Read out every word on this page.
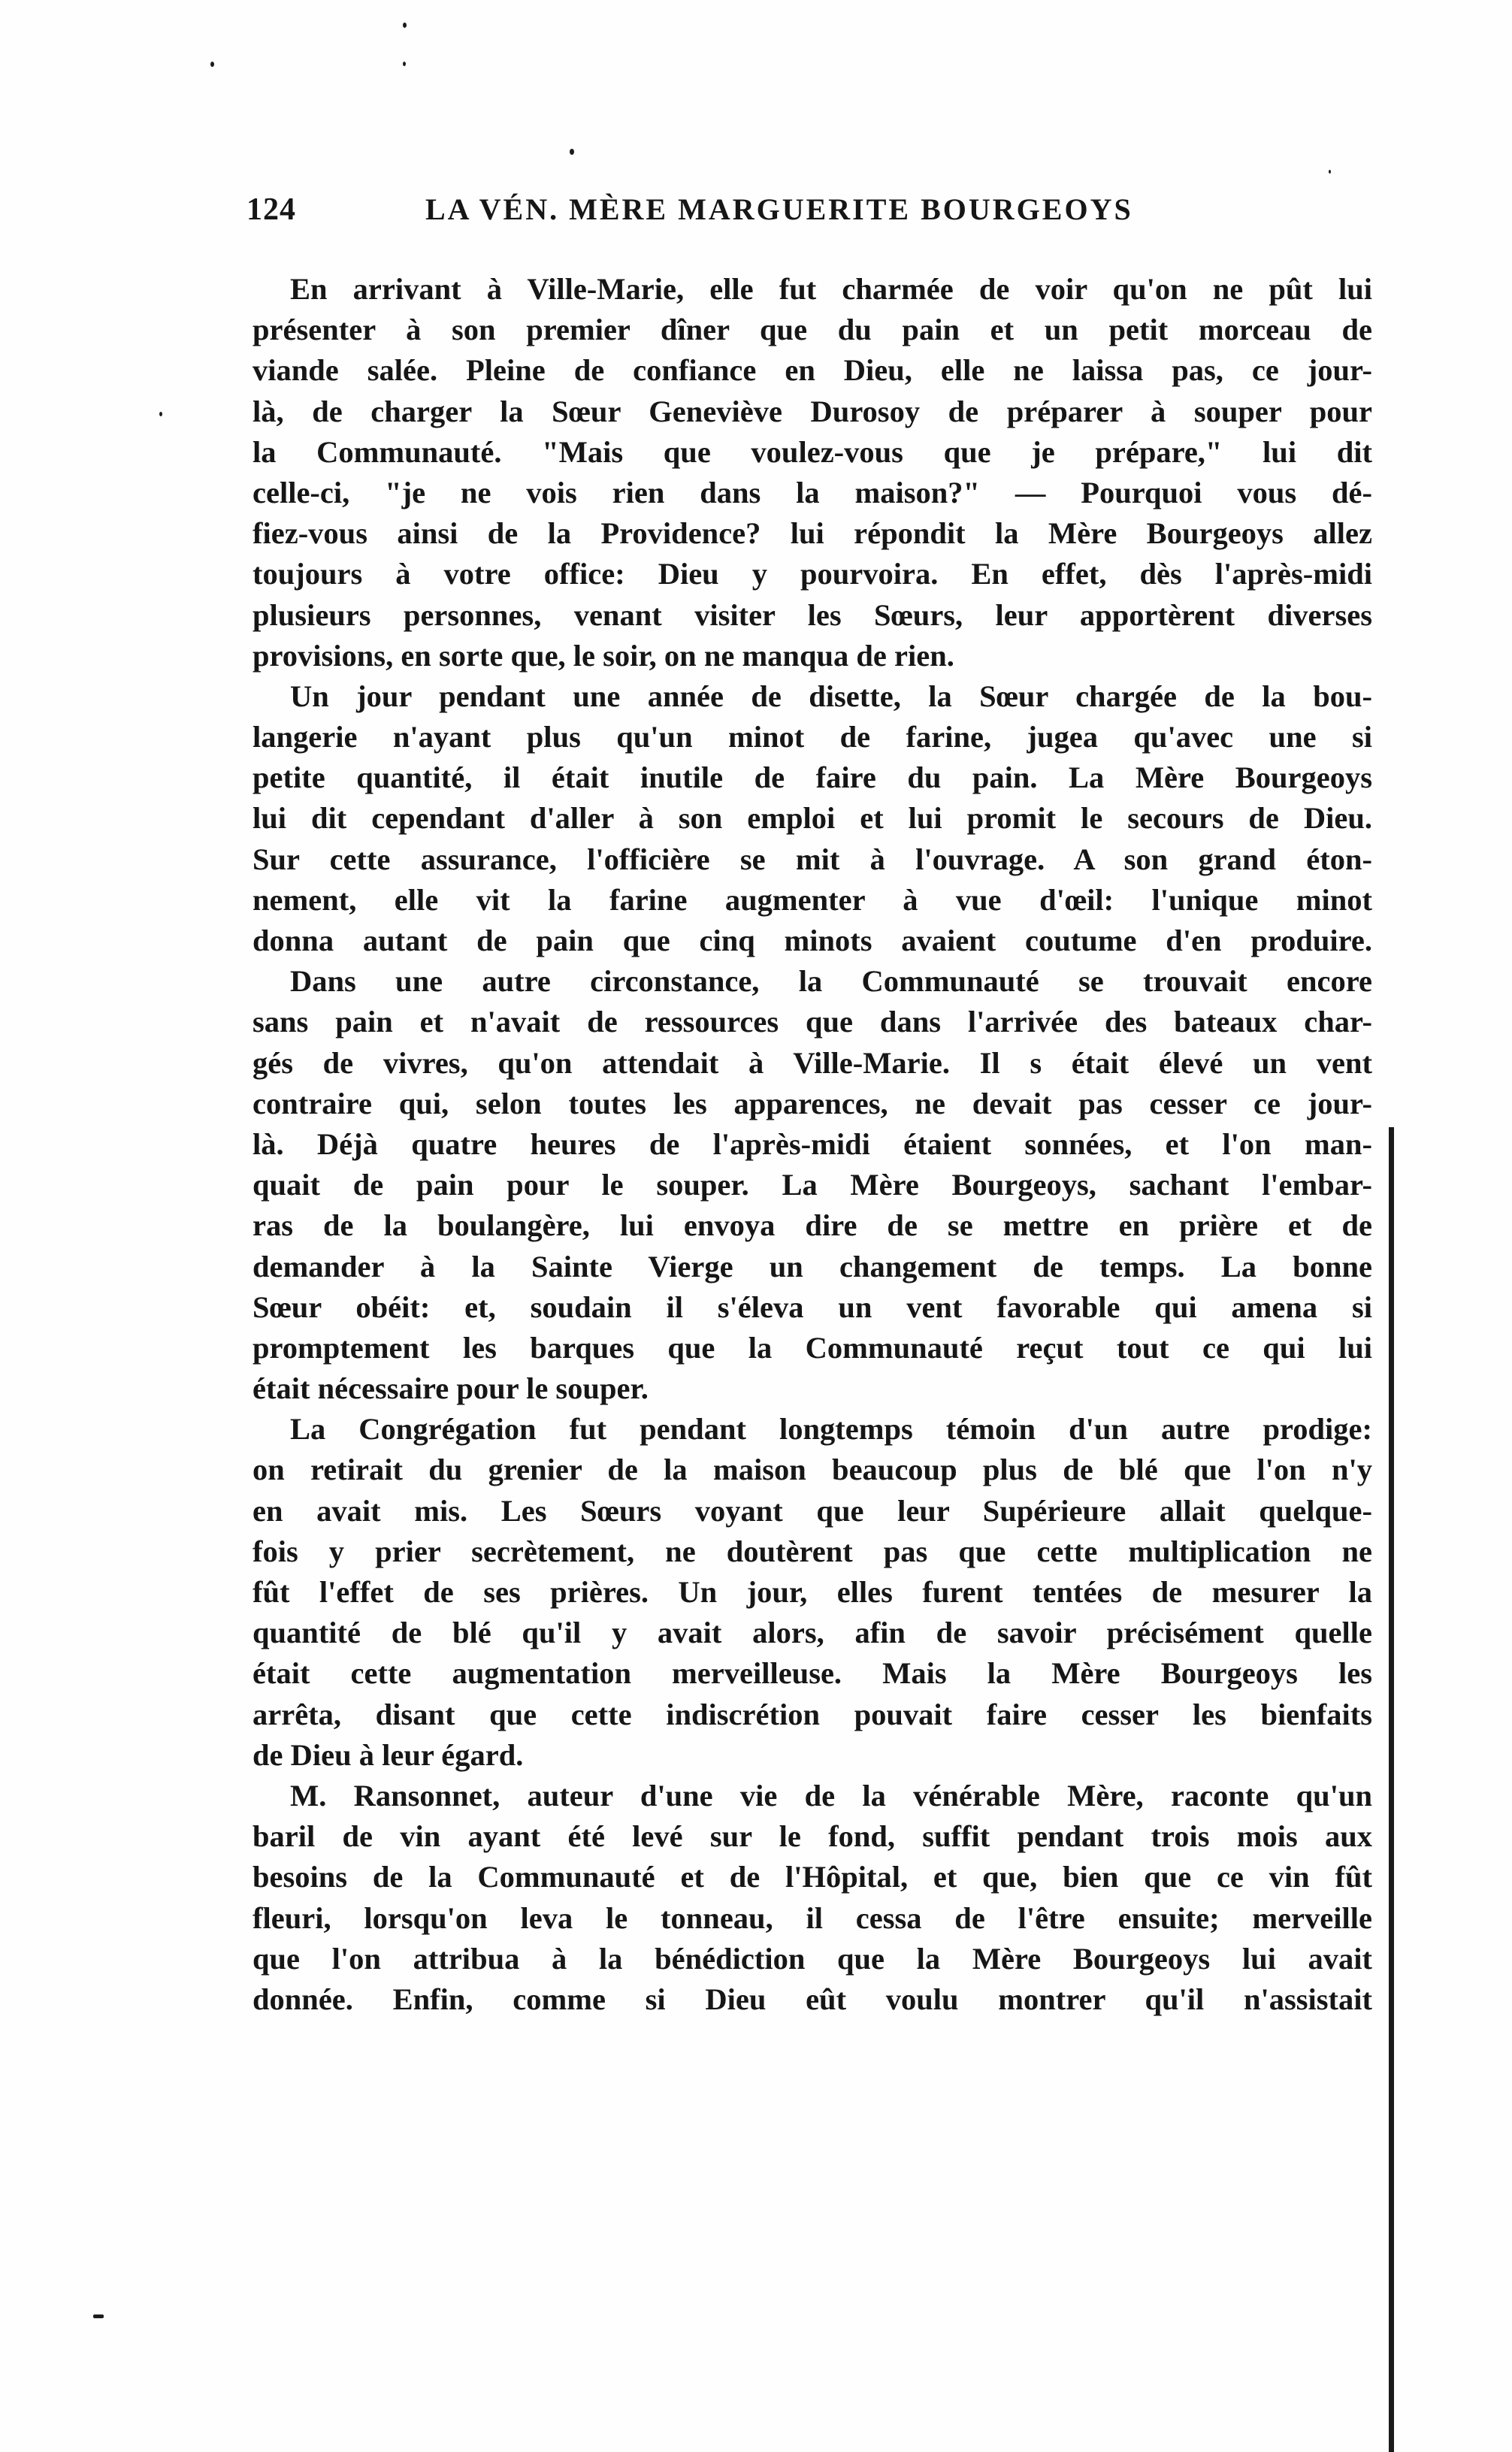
124	LA VÉN. MÈRE MARGUERITE BOURGEOYS
En arrivant à Ville-Marie, elle fut charmée de voir qu'on ne pût lui
présenter à son premier dîner que du pain et un petit morceau de
viande salée. Pleine de confiance en Dieu, elle ne laissa pas, ce jour-
là, de charger la Sœur Geneviève Durosoy de préparer à souper pour
la Communauté. "Mais que voulez-vous que je prépare," lui dit
celle-ci, "je ne vois rien dans la maison?" — Pourquoi vous dé-
fiez-vous ainsi de la Providence? lui répondit la Mère Bourgeoys allez
toujours à votre office: Dieu y pourvoira. En effet, dès l'après-midi
plusieurs personnes, venant visiter les Sœurs, leur apportèrent diverses
provisions, en sorte que, le soir, on ne manqua de rien.
Un jour pendant une année de disette, la Sœur chargée de la bou-
langerie n'ayant plus qu'un minot de farine, jugea qu'avec une si
petite quantité, il était inutile de faire du pain. La Mère Bourgeoys
lui dit cependant d'aller à son emploi et lui promit le secours de Dieu.
Sur cette assurance, l'officière se mit à l'ouvrage. A son grand éton-
nement, elle vit la farine augmenter à vue d'œil: l'unique minot
donna autant de pain que cinq minots avaient coutume d'en produire.
Dans une autre circonstance, la Communauté se trouvait encore
sans pain et n'avait de ressources que dans l'arrivée des bateaux char-
gés de vivres, qu'on attendait à Ville-Marie. Il s était élevé un vent
contraire qui, selon toutes les apparences, ne devait pas cesser ce jour-
là. Déjà quatre heures de l'après-midi étaient sonnées, et l'on man-
quait de pain pour le souper. La Mère Bourgeoys, sachant l'embar-
ras de la boulangère, lui envoya dire de se mettre en prière et de
demander à la Sainte Vierge un changement de temps. La bonne
Sœur obéit: et, soudain il s'éleva un vent favorable qui amena si
promptement les barques que la Communauté reçut tout ce qui lui
était nécessaire pour le souper.
La Congrégation fut pendant longtemps témoin d'un autre prodige:
on retirait du grenier de la maison beaucoup plus de blé que l'on n'y
en avait mis. Les Sœurs voyant que leur Supérieure allait quelque-
fois y prier secrètement, ne doutèrent pas que cette multiplication ne
fût l'effet de ses prières. Un jour, elles furent tentées de mesurer la
quantité de blé qu'il y avait alors, afin de savoir précisément quelle
était cette augmentation merveilleuse. Mais la Mère Bourgeoys les
arrêta, disant que cette indiscrétion pouvait faire cesser les bienfaits
de Dieu à leur égard.
M. Ransonnet, auteur d'une vie de la vénérable Mère, raconte qu'un
baril de vin ayant été levé sur le fond, suffit pendant trois mois aux
besoins de la Communauté et de l'Hôpital, et que, bien que ce vin fût
fleuri, lorsqu'on leva le tonneau, il cessa de l'être ensuite; merveille
que l'on attribua à la bénédiction que la Mère Bourgeoys lui avait
donnée. Enfin, comme si Dieu eût voulu montrer qu'il n'assistait
